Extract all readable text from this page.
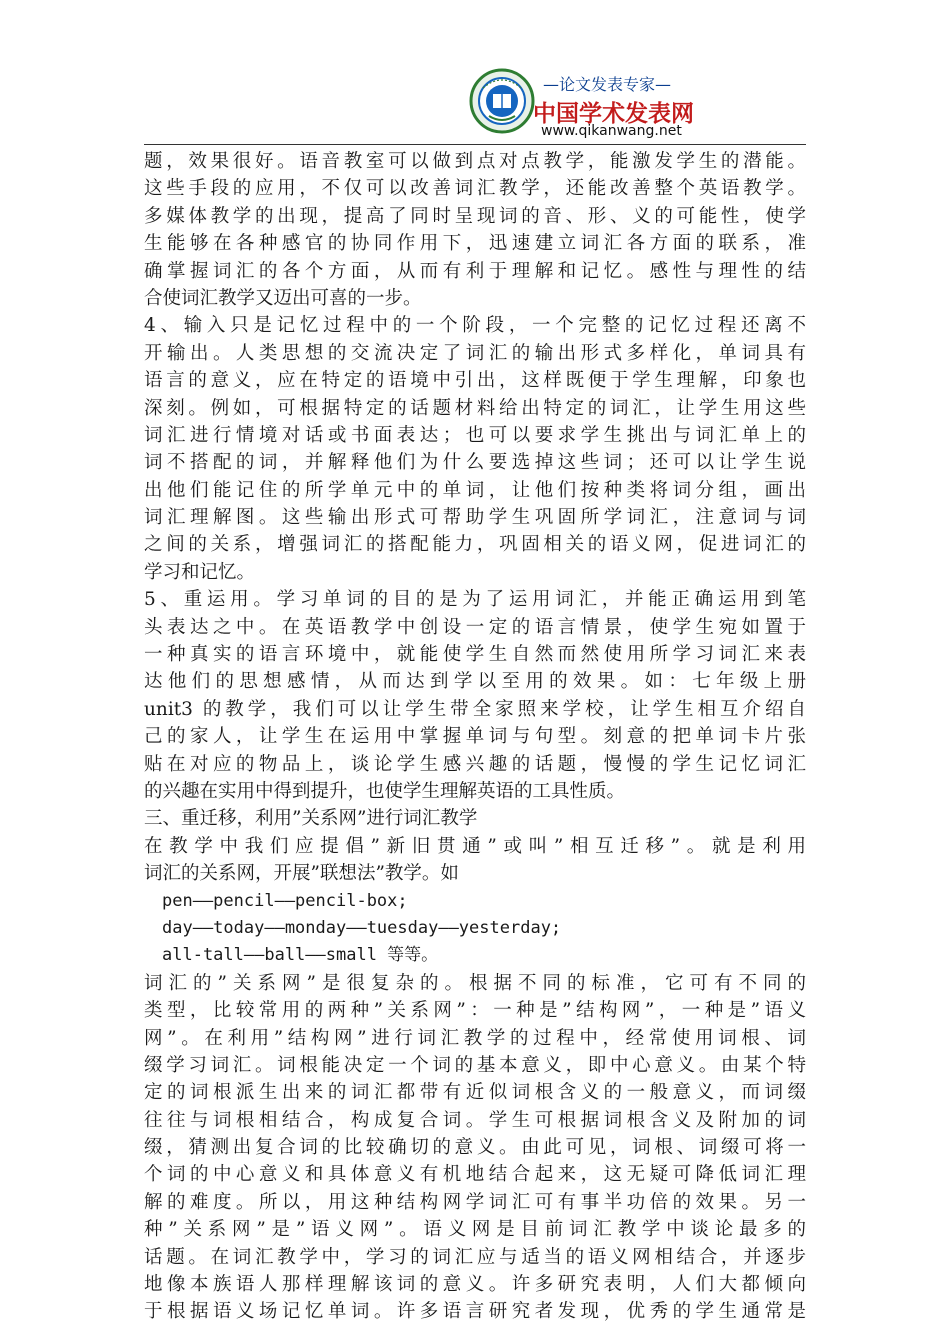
—论文发表专家—
中国学术发表网
www.qikanwang.net
题，效果很好。语音教室可以做到点对点教学，能激发学生的潜能。
这些手段的应用，不仅可以改善词汇教学，还能改善整个英语教学。
多媒体教学的出现，提高了同时呈现词的音、形、义的可能性，使学
生能够在各种感官的协同作用下，迅速建立词汇各方面的联系，准
确掌握词汇的各个方面，从而有利于理解和记忆。感性与理性的结
合使词汇教学又迈出可喜的一步。
4、输入只是记忆过程中的一个阶段，一个完整的记忆过程还离不
开输出。人类思想的交流决定了词汇的输出形式多样化，单词具有
语言的意义，应在特定的语境中引出，这样既便于学生理解，印象也
深刻。例如，可根据特定的话题材料给出特定的词汇，让学生用这些
词汇进行情境对话或书面表达；也可以要求学生挑出与词汇单上的
词不搭配的词，并解释他们为什么要选掉这些词；还可以让学生说
出他们能记住的所学单元中的单词，让他们按种类将词分组，画出
词汇理解图。这些输出形式可帮助学生巩固所学词汇，注意词与词
之间的关系，增强词汇的搭配能力，巩固相关的语义网，促进词汇的
学习和记忆。
5、重运用。学习单词的目的是为了运用词汇，并能正确运用到笔
头表达之中。在英语教学中创设一定的语言情景，使学生宛如置于
一种真实的语言环境中，就能使学生自然而然使用所学习词汇来表
达他们的思想感情，从而达到学以至用的效果。如：七年级上册
unit3 的教学，我们可以让学生带全家照来学校，让学生相互介绍自
己的家人，让学生在运用中掌握单词与句型。刻意的把单词卡片张
贴在对应的物品上，谈论学生感兴趣的话题，慢慢的学生记忆词汇
的兴趣在实用中得到提升，也使学生理解英语的工具性质。
三、重迁移，利用”关系网”进行词汇教学
在教学中我们应提倡”新旧贯通”或叫”相互迁移”。就是利用
词汇的关系网，开展”联想法”教学。如
pen——pencil——pencil-box;
day——today——monday——tuesday——yesterday;
all-tall——ball——small 等等。
词汇的”关系网”是很复杂的。根据不同的标准，它可有不同的
类型，比较常用的两种”关系网”：一种是”结构网”，一种是”语义
网”。在利用”结构网”进行词汇教学的过程中，经常使用词根、词
缀学习词汇。词根能决定一个词的基本意义，即中心意义。由某个特
定的词根派生出来的词汇都带有近似词根含义的一般意义，而词缀
往往与词根相结合，构成复合词。学生可根据词根含义及附加的词
缀，猜测出复合词的比较确切的意义。由此可见，词根、词缀可将一
个词的中心意义和具体意义有机地结合起来，这无疑可降低词汇理
解的难度。所以，用这种结构网学词汇可有事半功倍的效果。另一
种”关系网”是”语义网”。语义网是目前词汇教学中谈论最多的
话题。在词汇教学中，学习的词汇应与适当的语义网相结合，并逐步
地像本族语人那样理解该词的意义。许多研究表明，人们大都倾向
于根据语义场记忆单词。许多语言研究者发现，优秀的学生通常是
